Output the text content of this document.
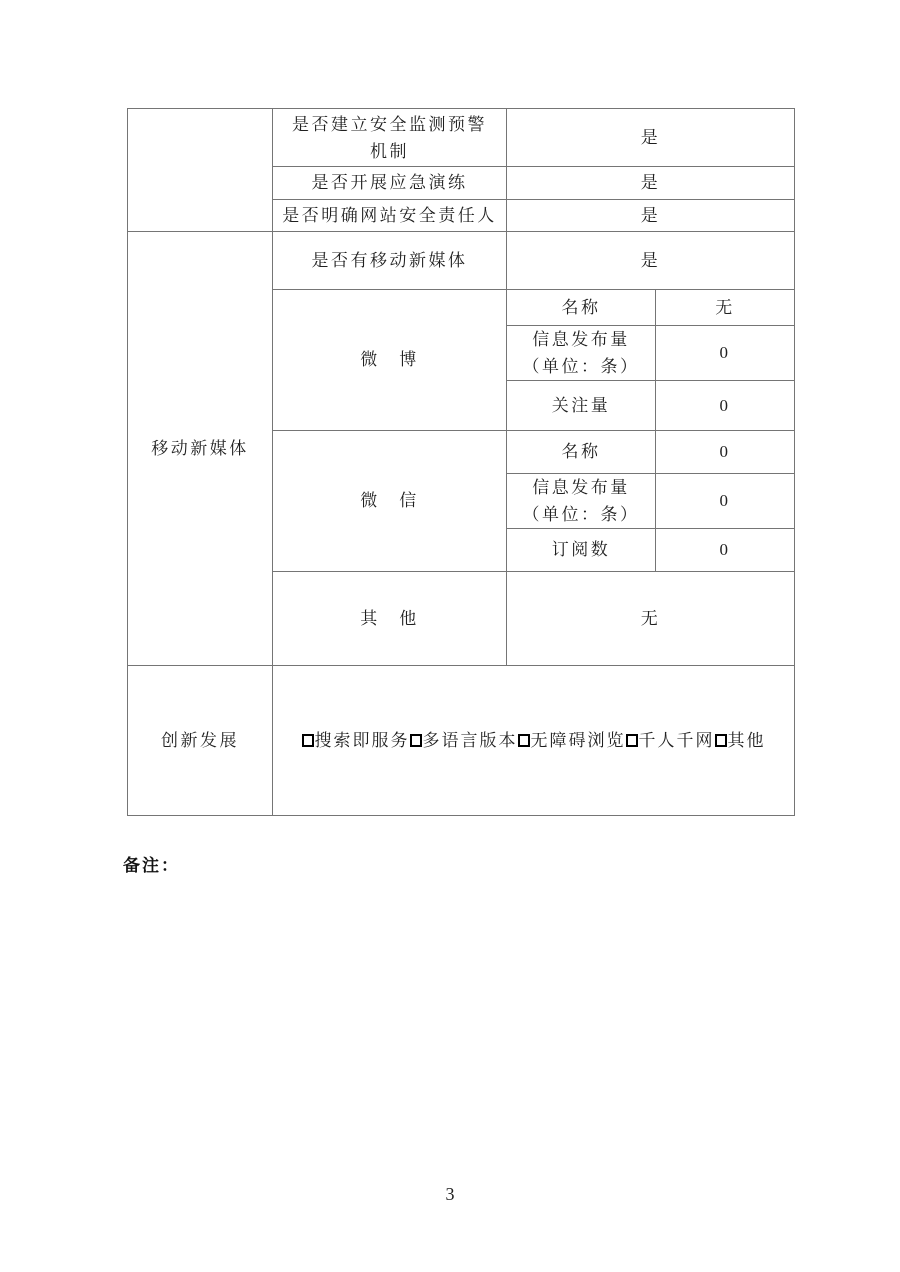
	是否建立安全监测预警
机制	是	
	是否开展应急演练	是	
	是否明确网站安全责任人	是	
移动新媒体	是否有移动新媒体	是	
	微　博	名称	无

		信息发布量
（单位：条）	0
		关注量	0
	微　信	名称	0

		信息发布量
（单位：条）	0
		订阅数	0
	其　他	无	
创新发展	搜索即服务 多语言版本 无障碍浏览 千人千网 其他		
备注：
3
